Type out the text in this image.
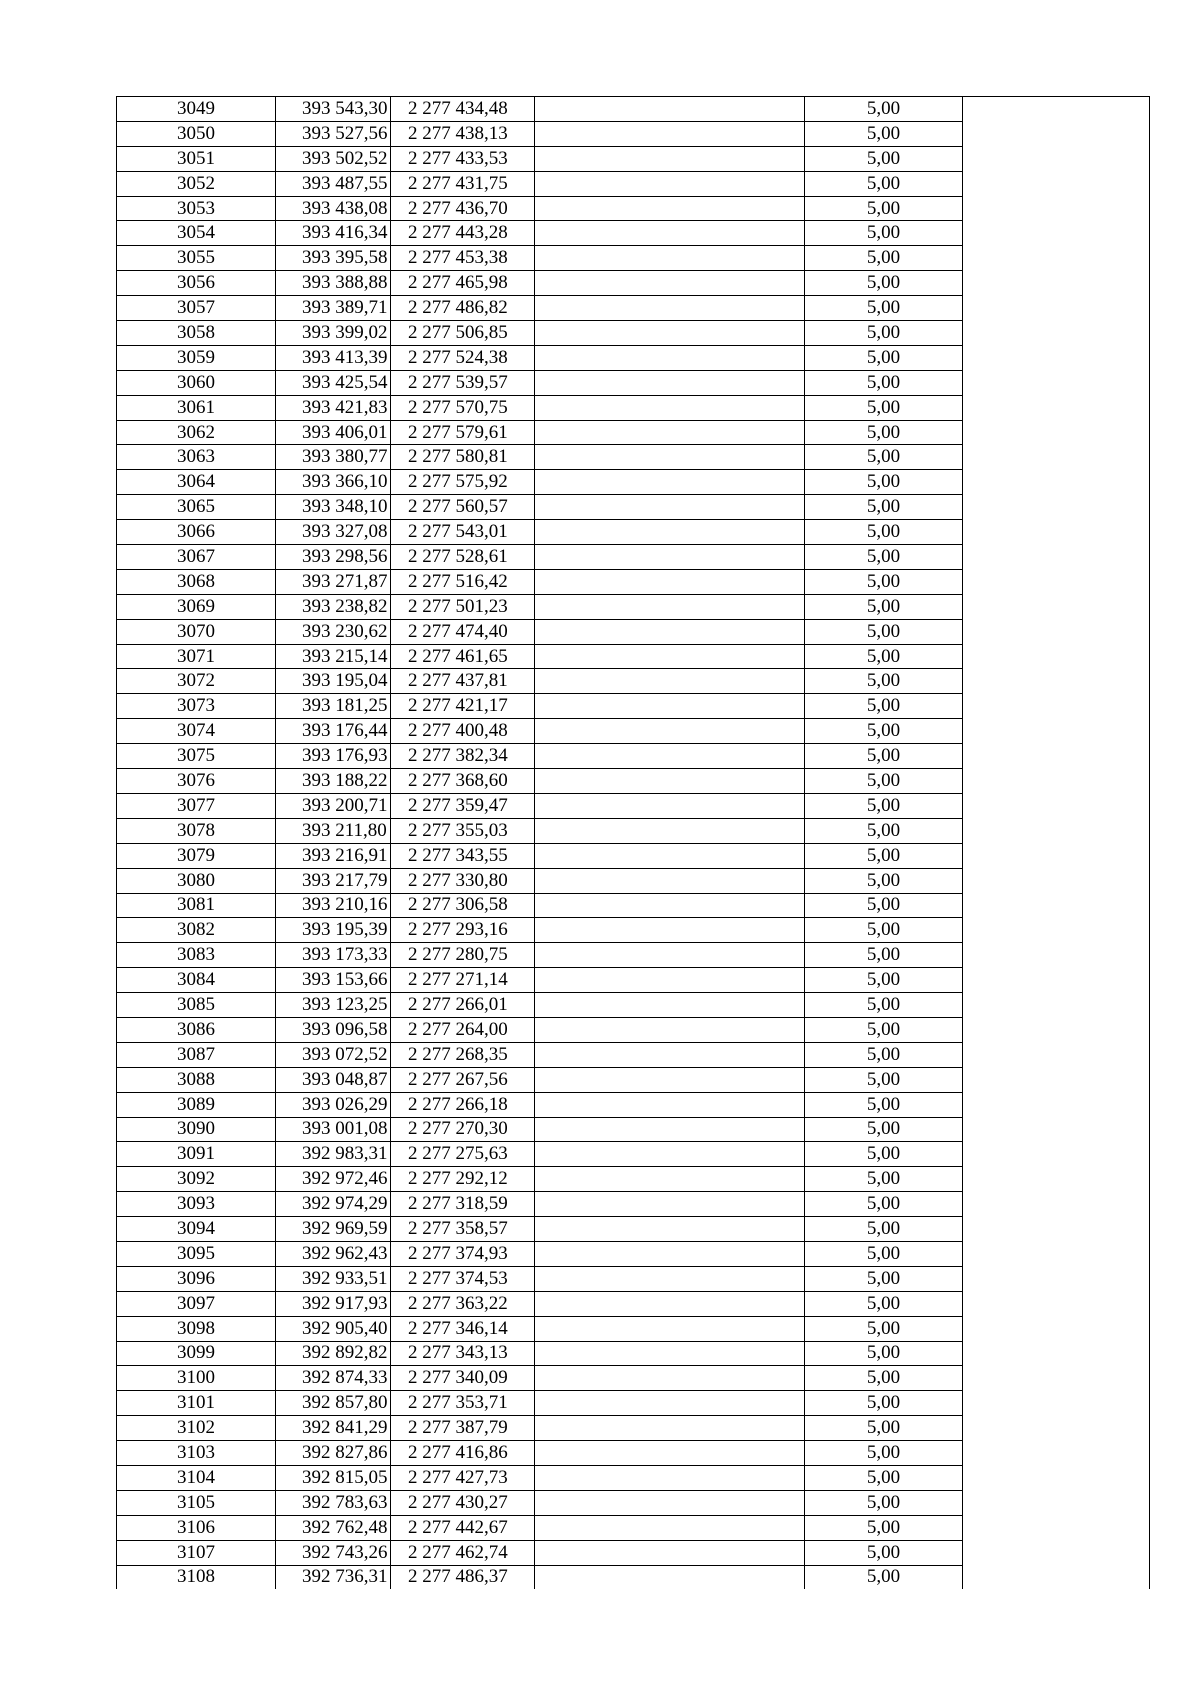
3049	393 543,30	2 277 434,48		5,00	
3050	393 527,56	2 277 438,13		5,00	
3051	393 502,52	2 277 433,53		5,00	
3052	393 487,55	2 277 431,75		5,00	
3053	393 438,08	2 277 436,70		5,00	
3054	393 416,34	2 277 443,28		5,00	
3055	393 395,58	2 277 453,38		5,00	
3056	393 388,88	2 277 465,98		5,00	
3057	393 389,71	2 277 486,82		5,00	
3058	393 399,02	2 277 506,85		5,00	
3059	393 413,39	2 277 524,38		5,00	
3060	393 425,54	2 277 539,57		5,00	
3061	393 421,83	2 277 570,75		5,00	
3062	393 406,01	2 277 579,61		5,00	
3063	393 380,77	2 277 580,81		5,00	
3064	393 366,10	2 277 575,92		5,00	
3065	393 348,10	2 277 560,57		5,00	
3066	393 327,08	2 277 543,01		5,00	
3067	393 298,56	2 277 528,61		5,00	
3068	393 271,87	2 277 516,42		5,00	
3069	393 238,82	2 277 501,23		5,00	
3070	393 230,62	2 277 474,40		5,00	
3071	393 215,14	2 277 461,65		5,00	
3072	393 195,04	2 277 437,81		5,00	
3073	393 181,25	2 277 421,17		5,00	
3074	393 176,44	2 277 400,48		5,00	
3075	393 176,93	2 277 382,34		5,00	
3076	393 188,22	2 277 368,60		5,00	
3077	393 200,71	2 277 359,47		5,00	
3078	393 211,80	2 277 355,03		5,00	
3079	393 216,91	2 277 343,55		5,00	
3080	393 217,79	2 277 330,80		5,00	
3081	393 210,16	2 277 306,58		5,00	
3082	393 195,39	2 277 293,16		5,00	
3083	393 173,33	2 277 280,75		5,00	
3084	393 153,66	2 277 271,14		5,00	
3085	393 123,25	2 277 266,01		5,00	
3086	393 096,58	2 277 264,00		5,00	
3087	393 072,52	2 277 268,35		5,00	
3088	393 048,87	2 277 267,56		5,00	
3089	393 026,29	2 277 266,18		5,00	
3090	393 001,08	2 277 270,30		5,00	
3091	392 983,31	2 277 275,63		5,00	
3092	392 972,46	2 277 292,12		5,00	
3093	392 974,29	2 277 318,59		5,00	
3094	392 969,59	2 277 358,57		5,00	
3095	392 962,43	2 277 374,93		5,00	
3096	392 933,51	2 277 374,53		5,00	
3097	392 917,93	2 277 363,22		5,00	
3098	392 905,40	2 277 346,14		5,00	
3099	392 892,82	2 277 343,13		5,00	
3100	392 874,33	2 277 340,09		5,00	
3101	392 857,80	2 277 353,71		5,00	
3102	392 841,29	2 277 387,79		5,00	
3103	392 827,86	2 277 416,86		5,00	
3104	392 815,05	2 277 427,73		5,00	
3105	392 783,63	2 277 430,27		5,00	
3106	392 762,48	2 277 442,67		5,00	
3107	392 743,26	2 277 462,74		5,00	
3108	392 736,31	2 277 486,37		5,00	
